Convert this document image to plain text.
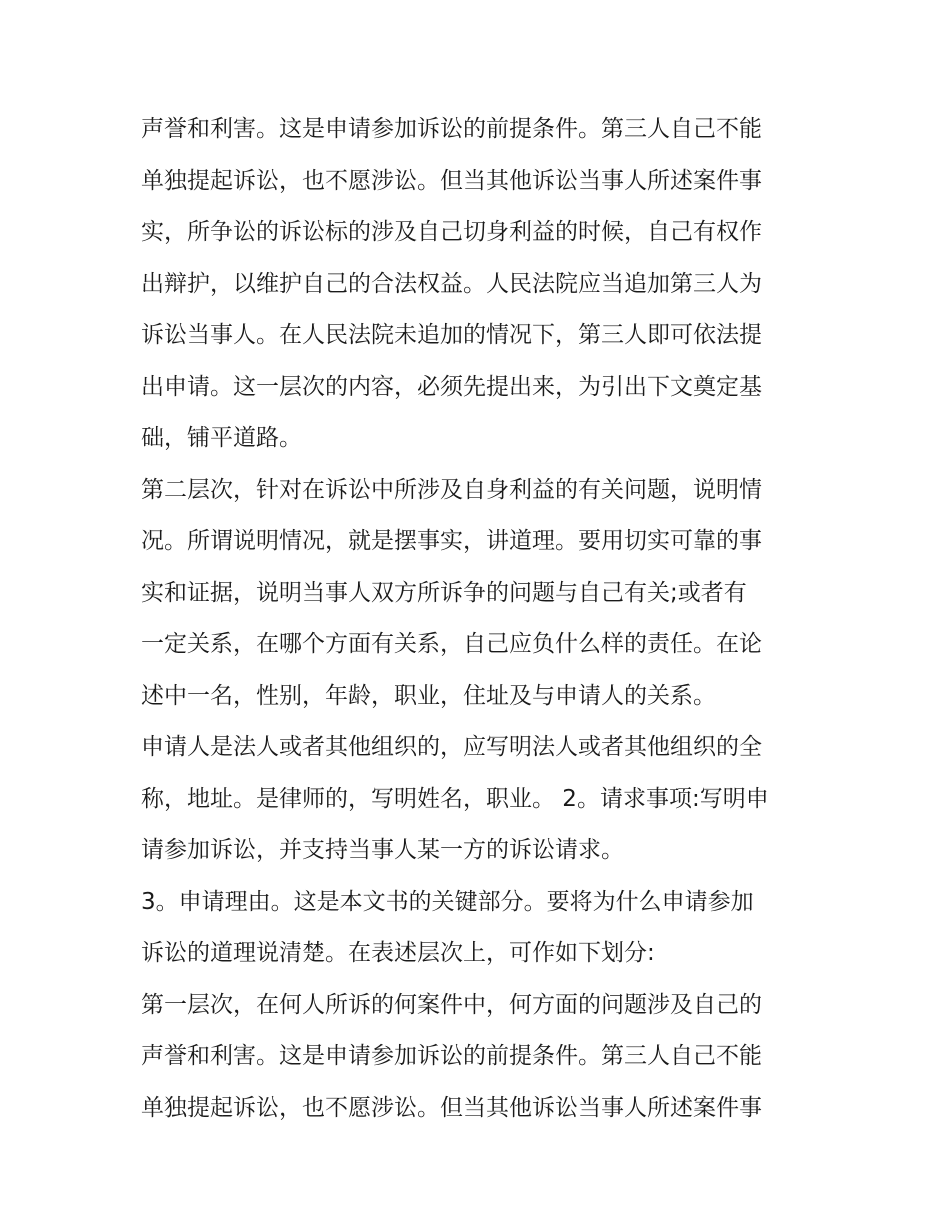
声誉和利害。这是申请参加诉讼的前提条件。第三人自己不能
单独提起诉讼，也不愿涉讼。但当其他诉讼当事人所述案件事
实，所争讼的诉讼标的涉及自己切身利益的时候，自己有权作
出辩护，以维护自己的合法权益。人民法院应当追加第三人为
诉讼当事人。在人民法院未追加的情况下，第三人即可依法提
出申请。这一层次的内容，必须先提出来，为引出下文奠定基
础，铺平道路。
第二层次，针对在诉讼中所涉及自身利益的有关问题，说明情
况。所谓说明情况，就是摆事实，讲道理。要用切实可靠的事
实和证据，说明当事人双方所诉争的问题与自己有关;或者有
一定关系，在哪个方面有关系，自己应负什么样的责任。在论
述中一名，性别，年龄，职业，住址及与申请人的关系。
申请人是法人或者其他组织的，应写明法人或者其他组织的全
称，地址。是律师的，写明姓名，职业。 2。请求事项:写明申
请参加诉讼，并支持当事人某一方的诉讼请求。
3。申请理由。这是本文书的关键部分。要将为什么申请参加
诉讼的道理说清楚。在表述层次上，可作如下划分:
第一层次，在何人所诉的何案件中，何方面的问题涉及自己的
声誉和利害。这是申请参加诉讼的前提条件。第三人自己不能
单独提起诉讼，也不愿涉讼。但当其他诉讼当事人所述案件事
